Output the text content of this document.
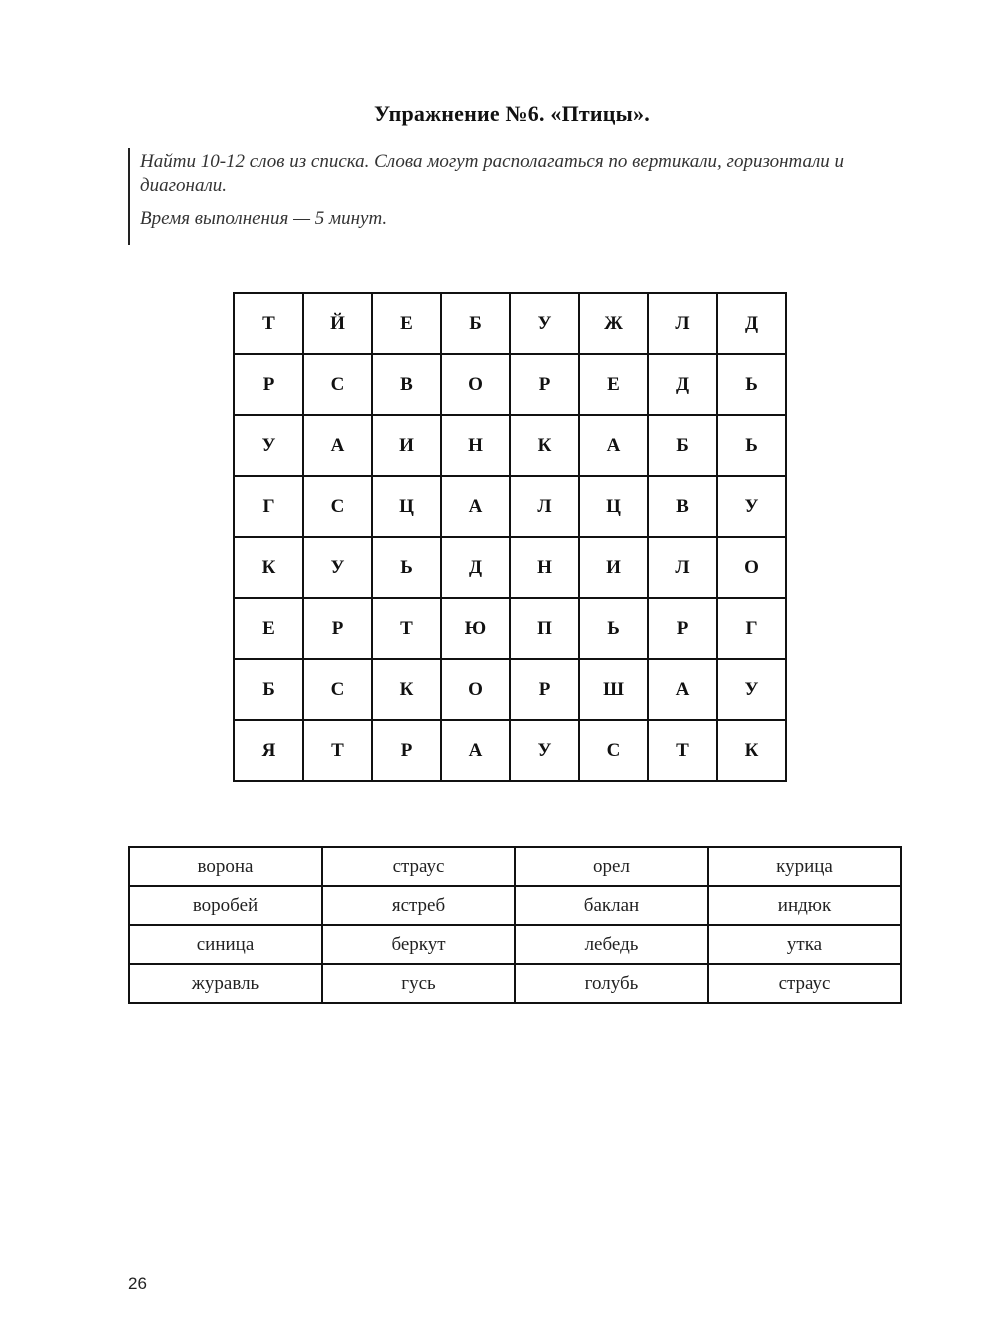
Упражнение №6. «Птицы».

Найти 10-12 слов из списка. Слова могут располагаться по вертикали, горизонтали и диагонали.

Время выполнения — 5 минут.

Т	Й	Е	Б	У	Ж	Л	Д
Р	С	В	О	Р	Е	Д	Ь
У	А	И	Н	К	А	Б	Ь
Г	С	Ц	А	Л	Ц	В	У
К	У	Ь	Д	Н	И	Л	О
Е	Р	Т	Ю	П	Ь	Р	Г
Б	С	К	О	Р	Ш	А	У
Я	Т	Р	А	У	С	Т	К
ворона	страус	орел	курица
воробей	ястреб	баклан	индюк
синица	беркут	лебедь	утка
журавль	гусь	голубь	страус
26
